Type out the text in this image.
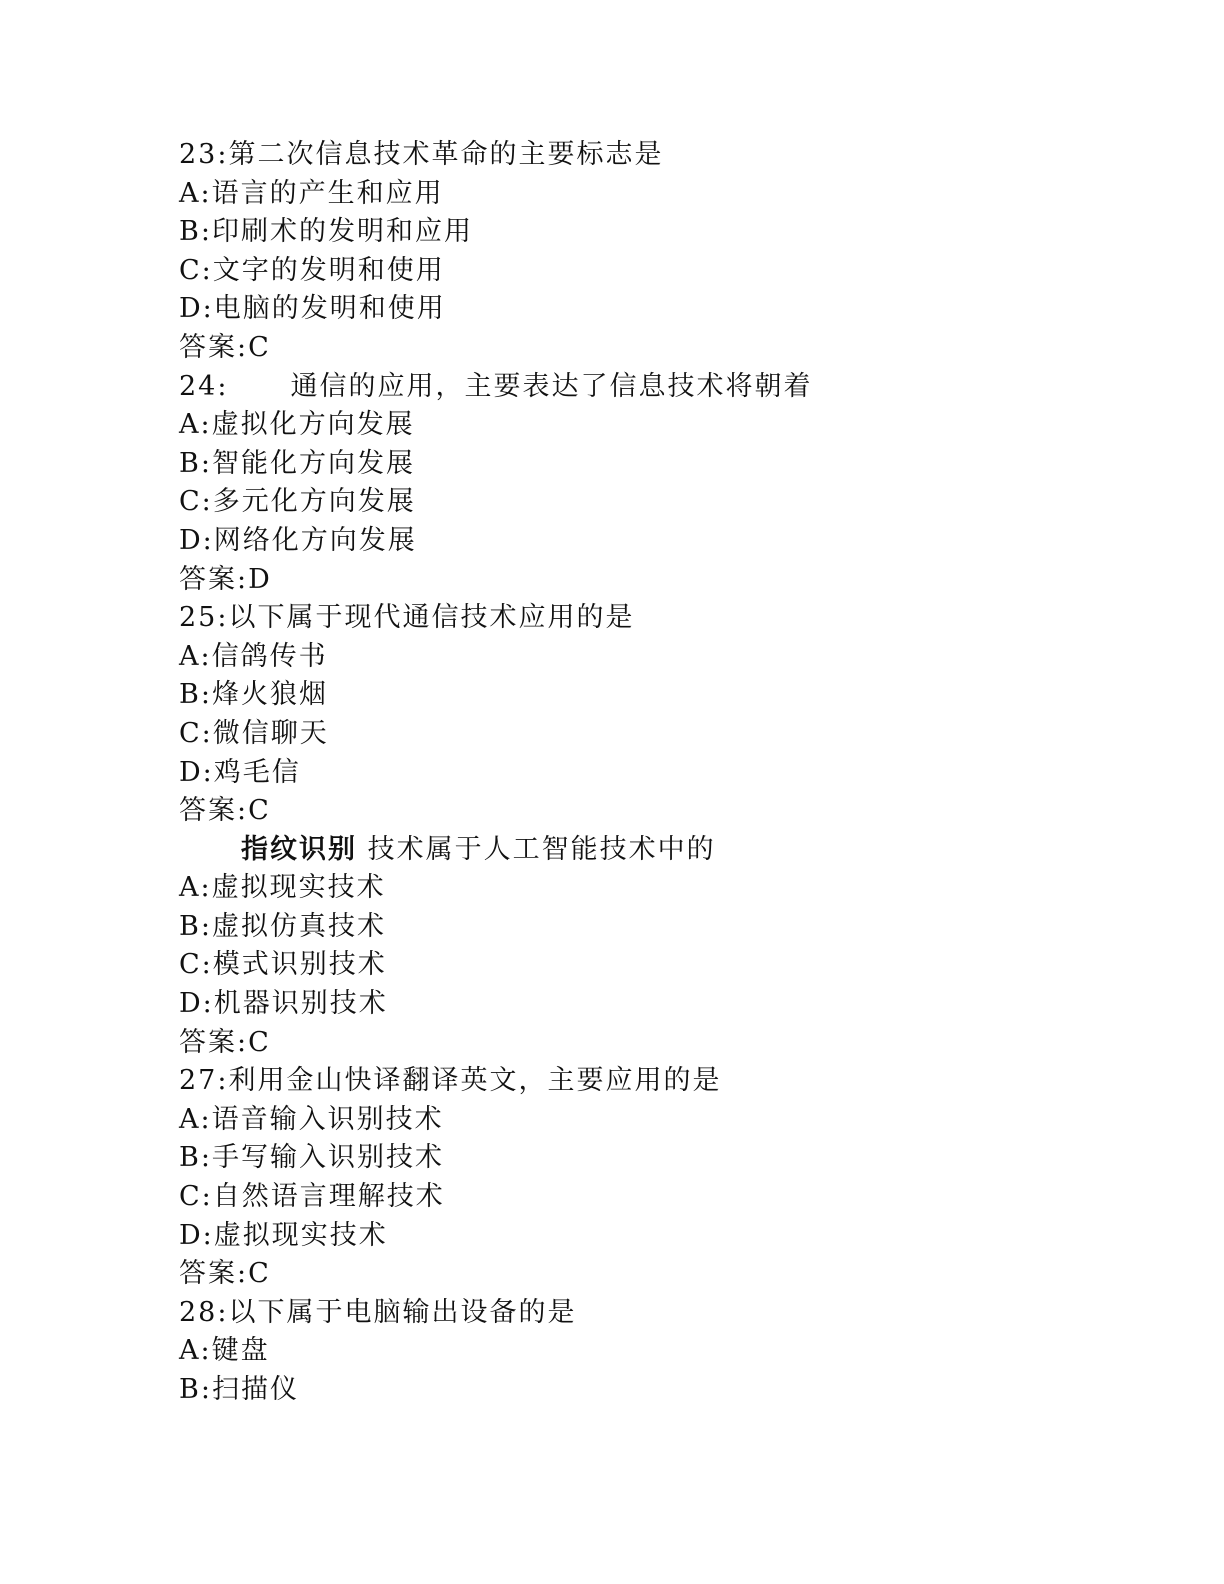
23:第二次信息技术革命的主要标志是
A:语言的产生和应用
B:印刷术的发明和应用
C:文字的发明和使用
D:电脑的发明和使用
答案:C
24: 通信的应用，主要表达了信息技术将朝着
A:虚拟化方向发展
B:智能化方向发展
C:多元化方向发展
D:网络化方向发展
答案:D
25:以下属于现代通信技术应用的是
A:信鸽传书
B:烽火狼烟
C:微信聊天
D:鸡毛信
答案:C
指纹识别 技术属于人工智能技术中的
A:虚拟现实技术
B:虚拟仿真技术
C:模式识别技术
D:机器识别技术
答案:C
27:利用金山快译翻译英文，主要应用的是
A:语音输入识别技术
B:手写输入识别技术
C:自然语言理解技术
D:虚拟现实技术
答案:C
28:以下属于电脑输出设备的是
A:键盘
B:扫描仪
